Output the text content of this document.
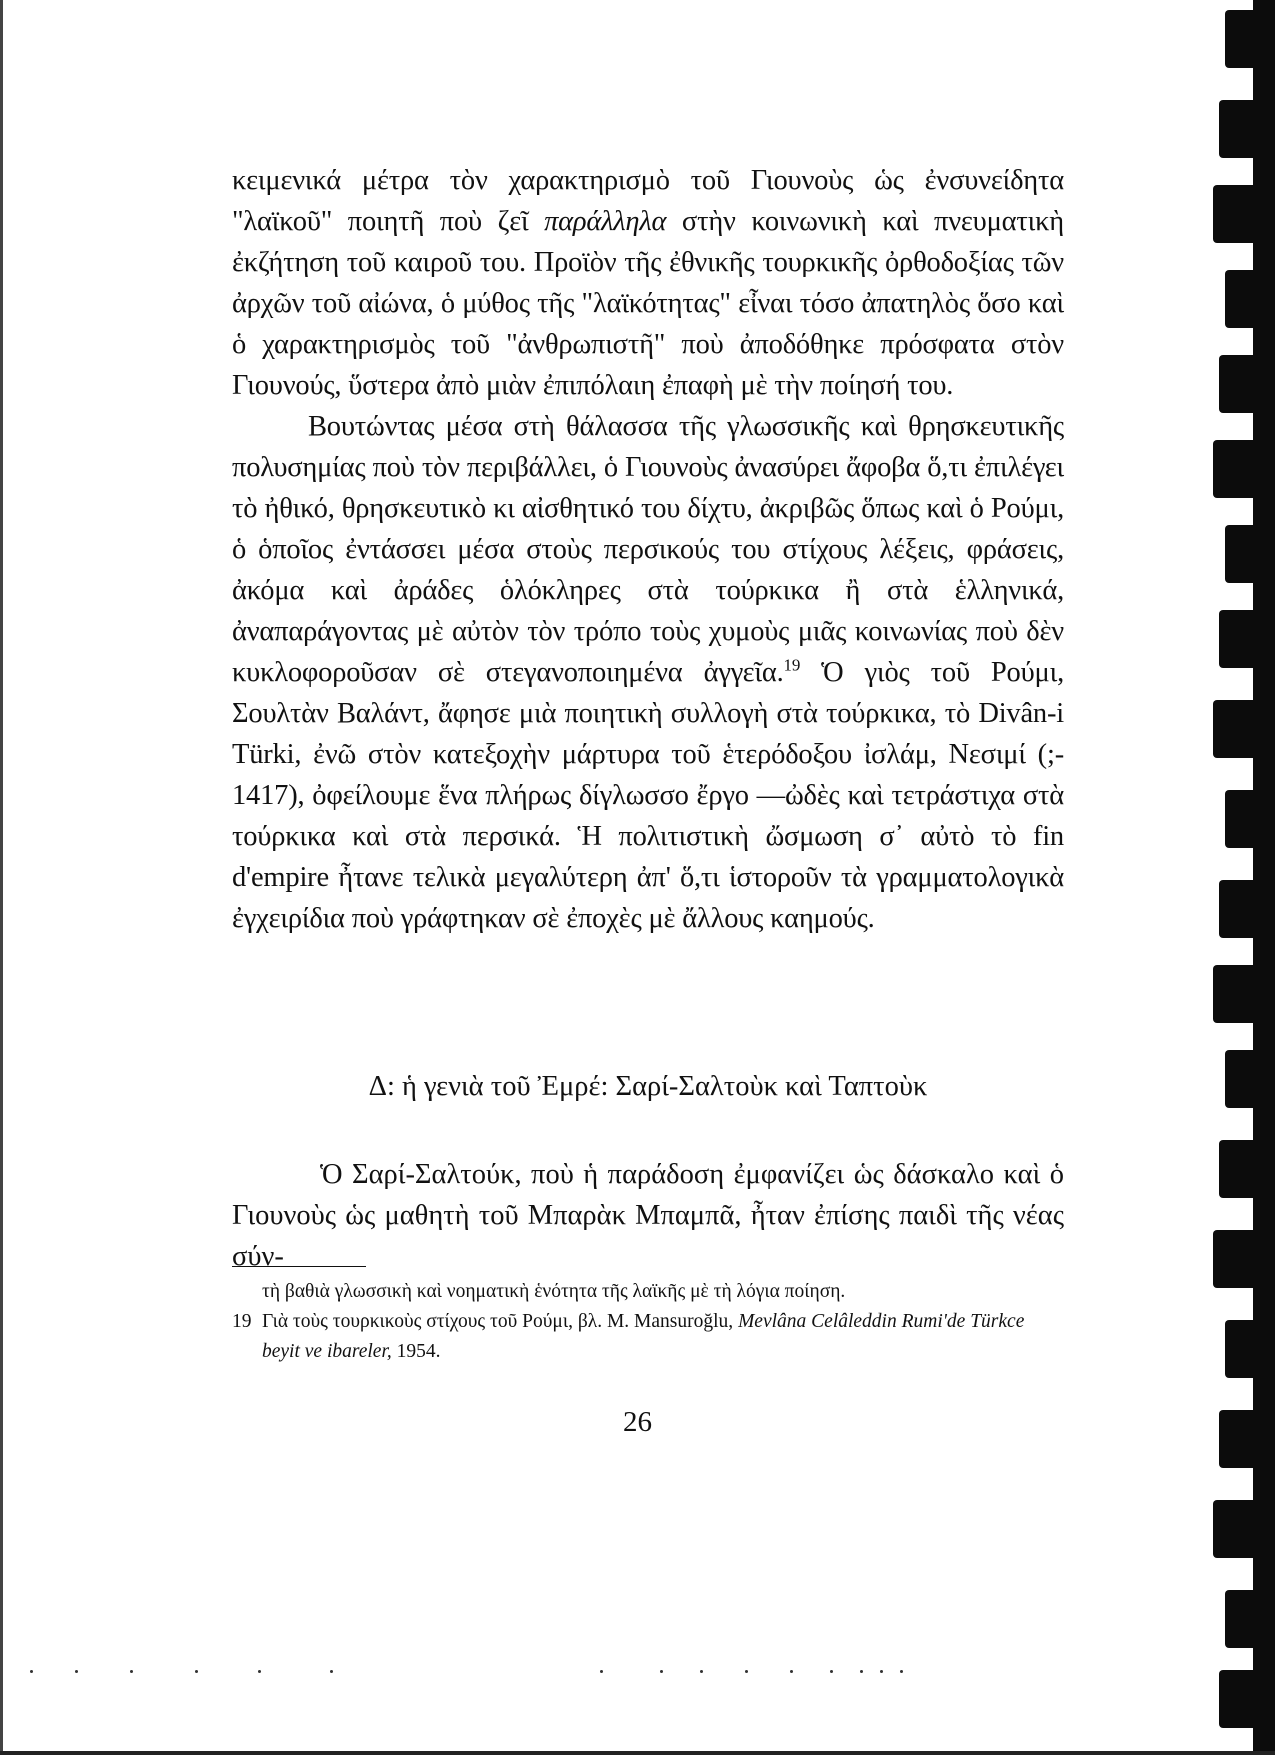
κειμενικά μέτρα τὸν χαρακτηρισμὸ τοῦ Γιουνοὺς ὡς ἐνσυνείδητα "λαϊκοῦ" ποιητῆ ποὺ ζεῖ παράλληλα στὴν κοινωνικὴ καὶ πνευματικὴ ἐκζήτηση τοῦ καιροῦ του. Προϊὸν τῆς ἐθνικῆς τουρκικῆς ὀρθοδοξίας τῶν ἀρχῶν τοῦ αἰώνα, ὁ μύθος τῆς "λαϊκότητας" εἶναι τόσο ἀπατηλὸς ὅσο καὶ ὁ χαρακτηρισμὸς τοῦ "ἀνθρωπιστῆ" ποὺ ἀποδόθηκε πρόσφατα στὸν Γιουνούς, ὕστερα ἀπὸ μιὰν ἐπιπόλαιη ἐπαφὴ μὲ τὴν ποίησή του.

Βουτώντας μέσα στὴ θάλασσα τῆς γλωσσικῆς καὶ θρησκευτικῆς πολυσημίας ποὺ τὸν περιβάλλει, ὁ Γιουνοὺς ἀνασύρει ἄφοβα ὅ,τι ἐπιλέγει τὸ ἠθικό, θρησκευτικὸ κι αἰσθητικό του δίχτυ, ἀκριβῶς ὅπως καὶ ὁ Ρούμι, ὁ ὁποῖος ἐντάσσει μέσα στοὺς περσικούς του στίχους λέξεις, φράσεις, ἀκόμα καὶ ἀράδες ὁλόκληρες στὰ τούρκικα ἢ στὰ ἑλληνικά, ἀναπαράγοντας μὲ αὐτὸν τὸν τρόπο τοὺς χυμοὺς μιᾶς κοινωνίας ποὺ δὲν κυκλοφοροῦσαν σὲ στεγανοποιημένα ἀγγεῖα.$^{19}$ Ὁ γιὸς τοῦ Ρούμι, Σουλτὰν Βαλάντ, ἄφησε μιὰ ποιητικὴ συλλογὴ στὰ τούρκικα, τὸ Divân-i Türki, ἐνῶ στὸν κατεξοχὴν μάρτυρα τοῦ ἑτερόδοξου ἰσλάμ, Νεσιμί (;- 1417), ὀφείλουμε ἕνα πλήρως δίγλωσσο ἔργο —ὠδὲς καὶ τετράστιχα στὰ τούρκικα καὶ στὰ περσικά. Ἡ πολιτιστικὴ ὤσμωση σ᾽ αὐτὸ τὸ fin d'empire ἦτανε τελικὰ μεγαλύτερη ἀπ' ὅ,τι ἱστοροῦν τὰ γραμματολογικὰ ἐγχειρίδια ποὺ γράφτηκαν σὲ ἐποχὲς μὲ ἄλλους καημούς.

Δ: ἡ γενιὰ τοῦ Ἐμρέ: Σαρί-Σαλτοὺκ καὶ Ταπτοὺκ

Ὁ Σαρί-Σαλτούκ, ποὺ ἡ παράδοση ἐμφανίζει ὡς δάσκαλο καὶ ὁ Γιουνοὺς ὡς μαθητὴ τοῦ Μπαρὰκ Μπαμπᾶ, ἦταν ἐπίσης παιδὶ τῆς νέας σύν-

τὴ βαθιὰ γλωσσικὴ καὶ νοηματικὴ ἑνότητα τῆς λαϊκῆς μὲ τὴ λόγια ποίηση.

19 Γιὰ τοὺς τουρκικοὺς στίχους τοῦ Ρούμι, βλ. M. Mansuroğlu, Mevlâna Celâleddin Rumi'de Türkce beyit ve ibareler, 1954.

26
